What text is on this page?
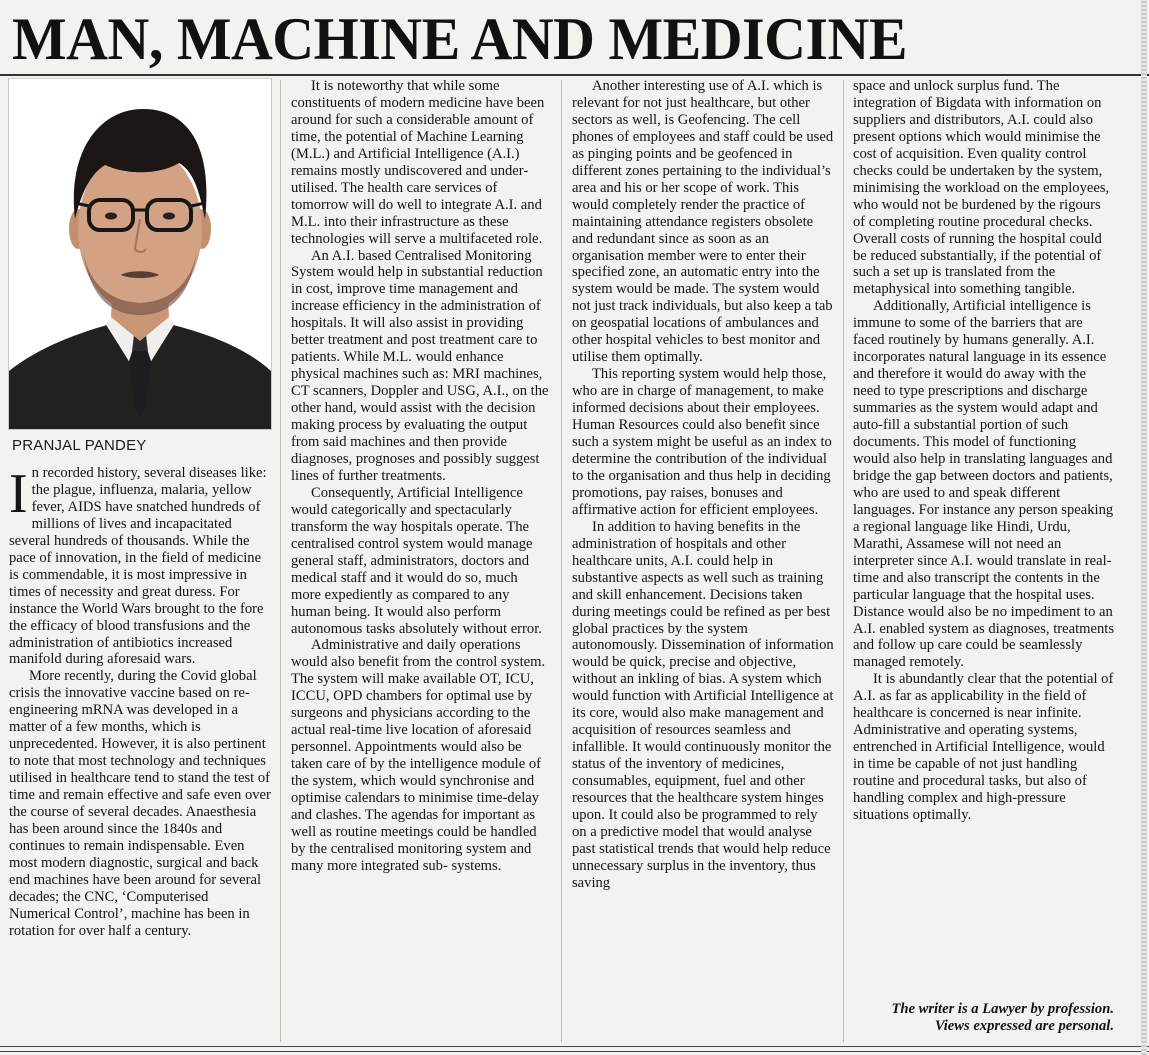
MAN, MACHINE AND MEDICINE

PRANJAL PANDEY

In recorded history, several diseases like: the plague, influenza, malaria, yellow fever, AIDS have snatched hundreds of millions of lives and incapacitated several hundreds of thousands. While the pace of innovation, in the field of medicine is commendable, it is most impressive in times of necessity and great duress. For instance the World Wars brought to the fore the efficacy of blood transfusions and the administration of antibiotics increased manifold during aforesaid wars.

More recently, during the Covid global crisis the innovative vaccine based on re-engineering mRNA was developed in a matter of a few months, which is unprecedented. However, it is also pertinent to note that most technology and techniques utilised in healthcare tend to stand the test of time and remain effective and safe even over the course of several decades. Anaesthesia has been around since the 1840s and continues to remain indispensable. Even most modern diagnostic, surgical and back end machines have been around for several decades; the CNC, ‘Computerised Numerical Control’, machine has been in rotation for over half a century.

It is noteworthy that while some constituents of modern medicine have been around for such a considerable amount of time, the potential of Machine Learning (M.L.) and Artificial Intelligence (A.I.) remains mostly undiscovered and under-utilised. The health care services of tomorrow will do well to integrate A.I. and M.L. into their infrastructure as these technologies will serve a multifaceted role.

An A.I. based Centralised Monitoring System would help in substantial reduction in cost, improve time management and increase efficiency in the administration of hospitals. It will also assist in providing better treatment and post treatment care to patients. While M.L. would enhance physical machines such as: MRI machines, CT scanners, Doppler and USG, A.I., on the other hand, would assist with the decision making process by evaluating the output from said machines and then provide diagnoses, prognoses and possibly suggest lines of further treatments.

Consequently, Artificial Intelligence would categorically and spectacularly transform the way hospitals operate. The centralised control system would manage general staff, administrators, doctors and medical staff and it would do so, much more expediently as compared to any human being. It would also perform autonomous tasks absolutely without error.

Administrative and daily operations would also benefit from the control system. The system will make available OT, ICU, ICCU, OPD chambers for optimal use by surgeons and physicians according to the actual real-time live location of aforesaid personnel. Appointments would also be taken care of by the intelligence module of the system, which would synchronise and optimise calendars to minimise time-delay and clashes. The agendas for important as well as routine meetings could be handled by the centralised monitoring system and many more integrated sub- systems.

Another interesting use of A.I. which is relevant for not just healthcare, but other sectors as well, is Geofencing. The cell phones of employees and staff could be used as pinging points and be geofenced in different zones pertaining to the individual’s area and his or her scope of work. This would completely render the practice of maintaining attendance registers obsolete and redundant since as soon as an organisation member were to enter their specified zone, an automatic entry into the system would be made. The system would not just track individuals, but also keep a tab on geospatial locations of ambulances and other hospital vehicles to best monitor and utilise them optimally.

This reporting system would help those, who are in charge of management, to make informed decisions about their employees. Human Resources could also benefit since such a system might be useful as an index to determine the contribution of the individual to the organisation and thus help in deciding promotions, pay raises, bonuses and affirmative action for efficient employees.

In addition to having benefits in the administration of hospitals and other healthcare units, A.I. could help in substantive aspects as well such as training and skill enhancement. Decisions taken during meetings could be refined as per best global practices by the system autonomously. Dissemination of information would be quick, precise and objective, without an inkling of bias. A system which would function with Artificial Intelligence at its core, would also make management and acquisition of resources seamless and infallible. It would continuously monitor the status of the inventory of medicines, consumables, equipment, fuel and other resources that the healthcare system hinges upon. It could also be programmed to rely on a predictive model that would analyse past statistical trends that would help reduce unnecessary surplus in the inventory, thus saving

space and unlock surplus fund. The integration of Bigdata with information on suppliers and distributors, A.I. could also present options which would minimise the cost of acquisition. Even quality control checks could be undertaken by the system, minimising the workload on the employees, who would not be burdened by the rigours of completing routine procedural checks. Overall costs of running the hospital could be reduced substantially, if the potential of such a set up is translated from the metaphysical into something tangible.

Additionally, Artificial intelligence is immune to some of the barriers that are faced routinely by humans generally. A.I. incorporates natural language in its essence and therefore it would do away with the need to type prescriptions and discharge summaries as the system would adapt and auto-fill a substantial portion of such documents. This model of functioning would also help in translating languages and bridge the gap between doctors and patients, who are used to and speak different languages. For instance any person speaking a regional language like Hindi, Urdu, Marathi, Assamese will not need an interpreter since A.I. would translate in real-time and also transcript the contents in the particular language that the hospital uses. Distance would also be no impediment to an A.I. enabled system as diagnoses, treatments and follow up care could be seamlessly managed remotely.

It is abundantly clear that the potential of A.I. as far as applicability in the field of healthcare is concerned is near infinite. Administrative and operating systems, entrenched in Artificial Intelligence, would in time be capable of not just handling routine and procedural tasks, but also of handling complex and high-pressure situations optimally.

The writer is a Lawyer by profession. Views expressed are personal.
